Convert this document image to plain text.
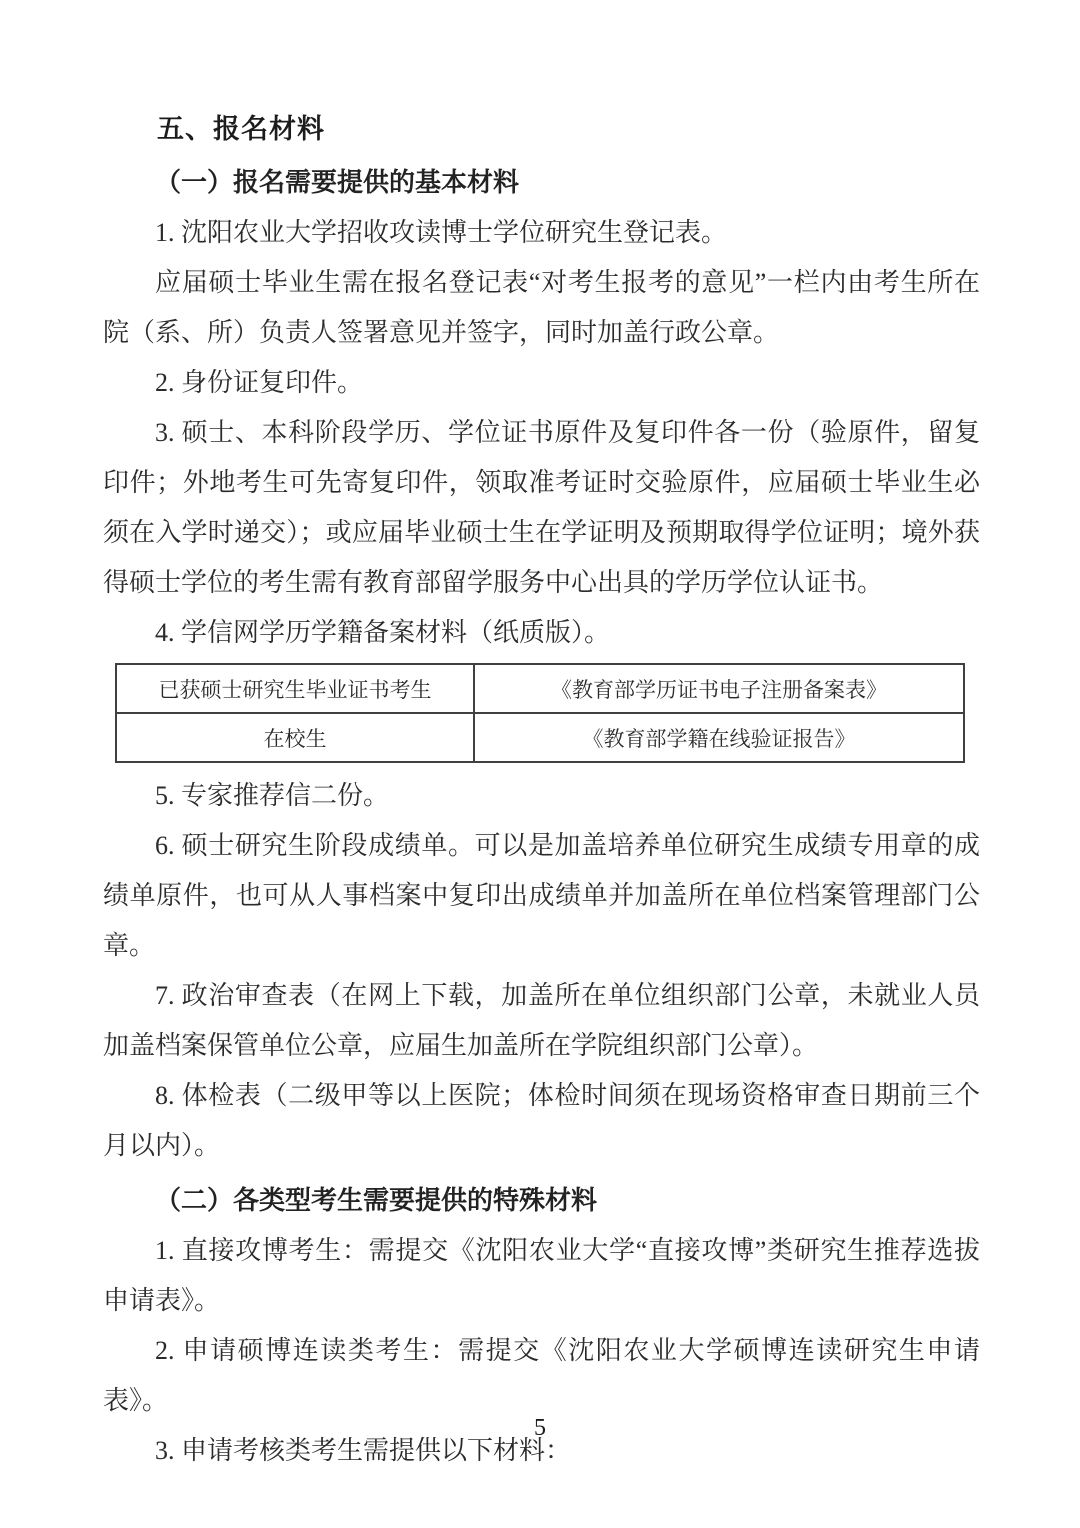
五、报名材料
（一）报名需要提供的基本材料

1. 沈阳农业大学招收攻读博士学位研究生登记表。

应届硕士毕业生需在报名登记表“对考生报考的意见”一栏内由考生所在院（系、所）负责人签署意见并签字，同时加盖行政公章。

2. 身份证复印件。

3. 硕士、本科阶段学历、学位证书原件及复印件各一份（验原件，留复印件；外地考生可先寄复印件，领取准考证时交验原件，应届硕士毕业生必须在入学时递交）；或应届毕业硕士生在学证明及预期取得学位证明；境外获得硕士学位的考生需有教育部留学服务中心出具的学历学位认证书。

4. 学信网学历学籍备案材料（纸质版）。

已获硕士研究生毕业证书考生	《教育部学历证书电子注册备案表》
在校生	《教育部学籍在线验证报告》

5. 专家推荐信二份。

6. 硕士研究生阶段成绩单。可以是加盖培养单位研究生成绩专用章的成绩单原件，也可从人事档案中复印出成绩单并加盖所在单位档案管理部门公章。

7. 政治审查表（在网上下载，加盖所在单位组织部门公章，未就业人员加盖档案保管单位公章，应届生加盖所在学院组织部门公章）。

8. 体检表（二级甲等以上医院；体检时间须在现场资格审查日期前三个月以内）。

（二）各类型考生需要提供的特殊材料

1. 直接攻博考生：需提交《沈阳农业大学“直接攻博”类研究生推荐选拔申请表》。

2. 申请硕博连读类考生：需提交《沈阳农业大学硕博连读研究生申请表》。

3. 申请考核类考生需提供以下材料：

5
